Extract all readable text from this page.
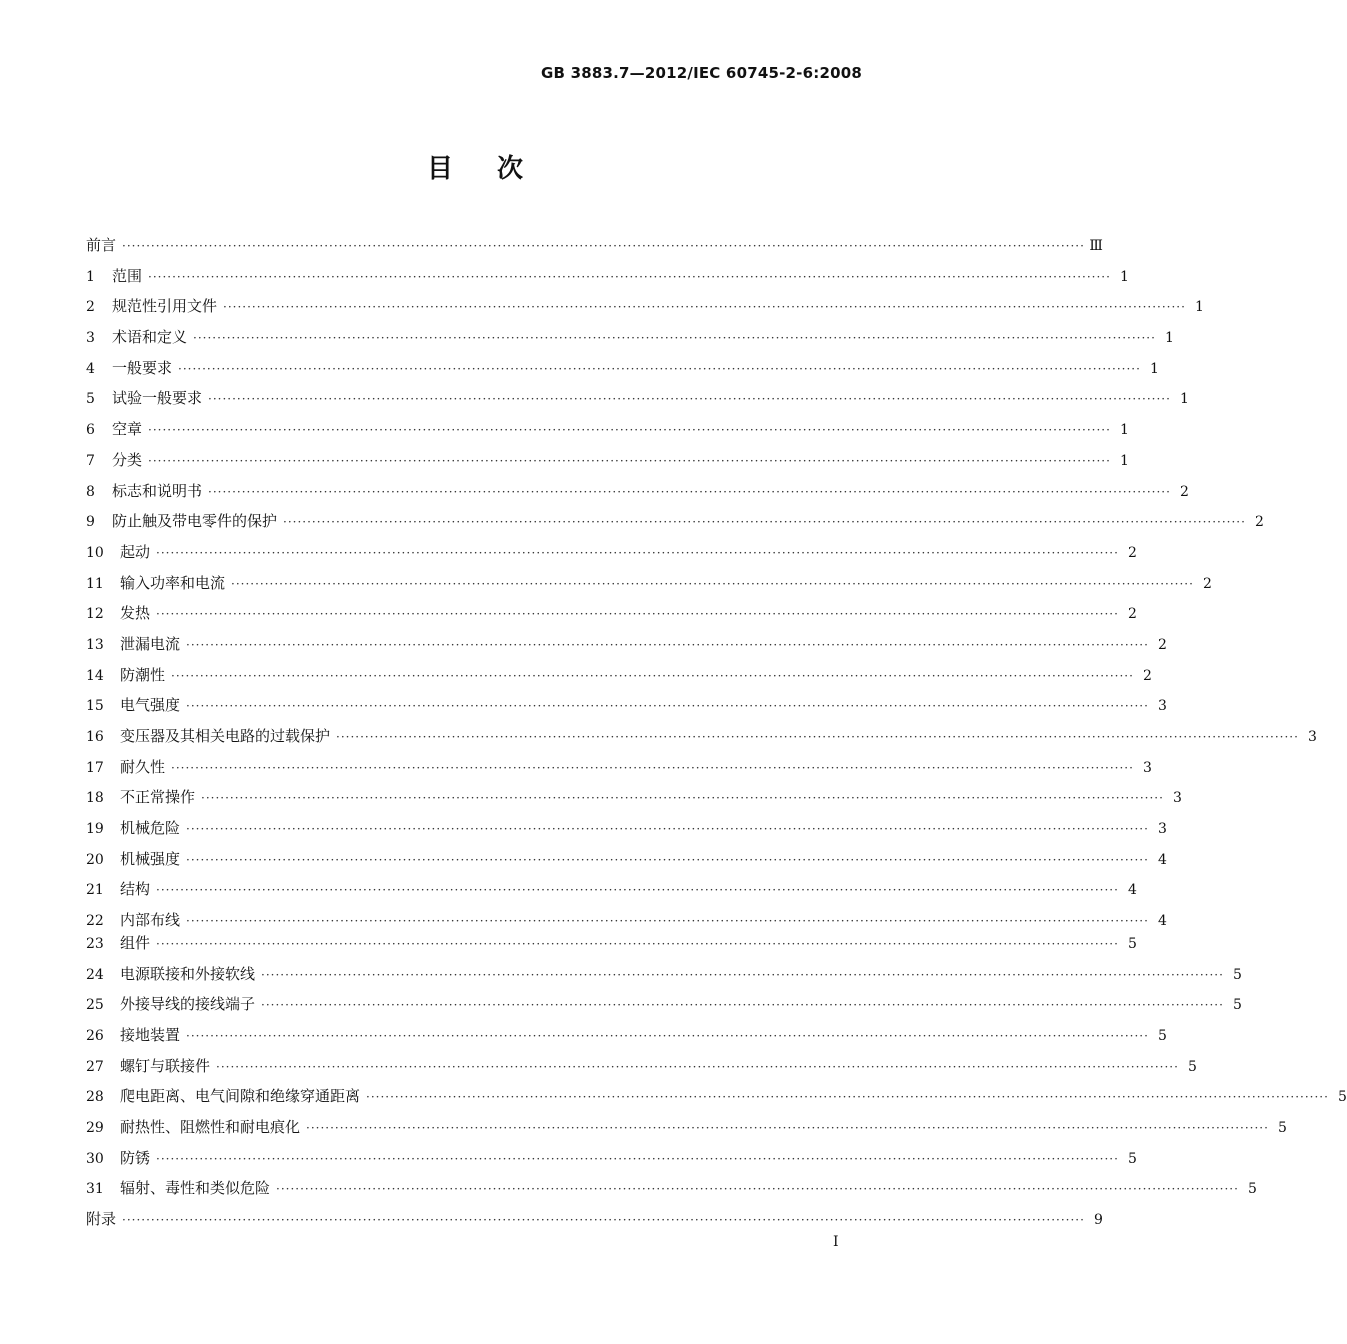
GB 3883.7—2012/IEC 60745-2-6:2008
目次
前言 ········································································································································································································ Ⅲ
1	范围 ········································································································································································································ 1
2	规范性引用文件 ········································································································································································································ 1
3	术语和定义 ········································································································································································································ 1
4	一般要求 ········································································································································································································ 1
5	试验一般要求 ········································································································································································································ 1
6	空章 ········································································································································································································ 1
7	分类 ········································································································································································································ 1
8	标志和说明书 ········································································································································································································ 2
9	防止触及带电零件的保护 ········································································································································································································ 2
10	起动 ········································································································································································································ 2
11	输入功率和电流 ········································································································································································································ 2
12	发热 ········································································································································································································ 2
13	泄漏电流 ········································································································································································································ 2
14	防潮性 ········································································································································································································ 2
15	电气强度 ········································································································································································································ 3
16	变压器及其相关电路的过载保护 ········································································································································································································ 3
17	耐久性 ········································································································································································································ 3
18	不正常操作 ········································································································································································································ 3
19	机械危险 ········································································································································································································ 3
20	机械强度 ········································································································································································································ 4
21	结构 ········································································································································································································ 4
22	内部布线 ········································································································································································································ 4
23	组件 ········································································································································································································ 5
24	电源联接和外接软线 ········································································································································································································ 5
25	外接导线的接线端子 ········································································································································································································ 5
26	接地装置 ········································································································································································································ 5
27	螺钉与联接件 ········································································································································································································ 5
28	爬电距离、电气间隙和绝缘穿通距离 ········································································································································································································ 5
29	耐热性、阻燃性和耐电痕化 ········································································································································································································ 5
30	防锈 ········································································································································································································ 5
31	辐射、毒性和类似危险 ········································································································································································································ 5
附录 ········································································································································································································ 9
I
